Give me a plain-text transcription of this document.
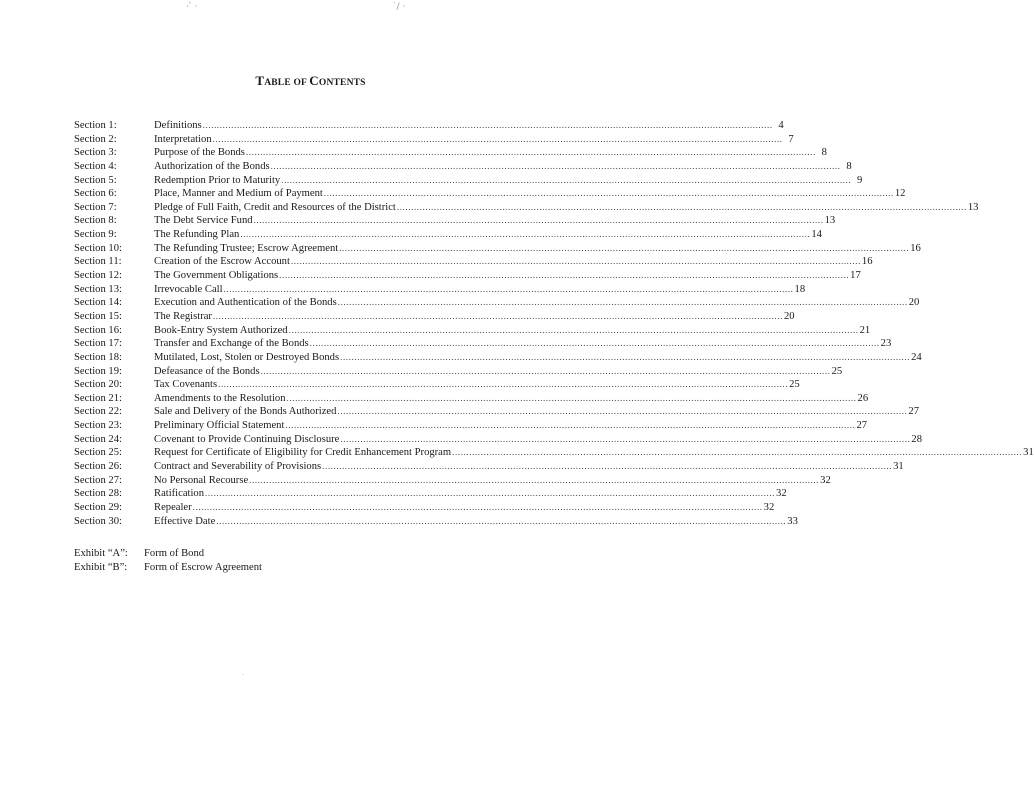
· ́ ·	˙/ ·
·
TABLE OF CONTENTS
Section 1:	Definitions ........................................................................................................................................................................................................ 4
Section 2:	Interpretation ........................................................................................................................................................................................................ 7
Section 3:	Purpose of the Bonds ........................................................................................................................................................................................................ 8
Section 4:	Authorization of the Bonds ........................................................................................................................................................................................................ 8
Section 5:	Redemption Prior to Maturity ........................................................................................................................................................................................................ 9
Section 6:	Place, Manner and Medium of Payment ........................................................................................................................................................................................................ 12
Section 7:	Pledge of Full Faith, Credit and Resources of the District ........................................................................................................................................................................................................ 13
Section 8:	The Debt Service Fund ........................................................................................................................................................................................................ 13
Section 9:	The Refunding Plan ........................................................................................................................................................................................................ 14
Section 10:	The Refunding Trustee; Escrow Agreement ........................................................................................................................................................................................................ 16
Section 11:	Creation of the Escrow Account ........................................................................................................................................................................................................ 16
Section 12:	The Government Obligations ........................................................................................................................................................................................................ 17
Section 13:	Irrevocable Call ........................................................................................................................................................................................................ 18
Section 14:	Execution and Authentication of the Bonds ........................................................................................................................................................................................................ 20
Section 15:	The Registrar ........................................................................................................................................................................................................ 20
Section 16:	Book-Entry System Authorized ........................................................................................................................................................................................................ 21
Section 17:	Transfer and Exchange of the Bonds ........................................................................................................................................................................................................ 23
Section 18:	Mutilated, Lost, Stolen or Destroyed Bonds ........................................................................................................................................................................................................ 24
Section 19:	Defeasance of the Bonds ........................................................................................................................................................................................................ 25
Section 20:	Tax Covenants ........................................................................................................................................................................................................ 25
Section 21:	Amendments to the Resolution ........................................................................................................................................................................................................ 26
Section 22:	Sale and Delivery of the Bonds Authorized ........................................................................................................................................................................................................ 27
Section 23:	Preliminary Official Statement ........................................................................................................................................................................................................ 27
Section 24:	Covenant to Provide Continuing Disclosure ........................................................................................................................................................................................................ 28
Section 25:	Request for Certificate of Eligibility for Credit Enhancement Program ........................................................................................................................................................................................................ 31
Section 26:	Contract and Severability of Provisions ........................................................................................................................................................................................................ 31
Section 27:	No Personal Recourse ........................................................................................................................................................................................................ 32
Section 28:	Ratification ........................................................................................................................................................................................................ 32
Section 29:	Repealer ........................................................................................................................................................................................................ 32
Section 30:	Effective Date ........................................................................................................................................................................................................ 33
Exhibit “A”:	Form of Bond
Exhibit “B”:	Form of Escrow Agreement
